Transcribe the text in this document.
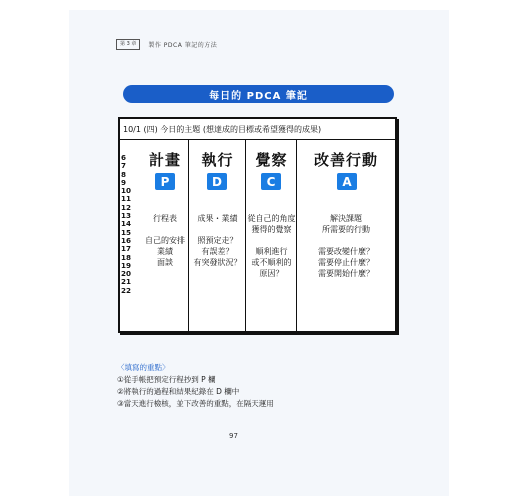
第 3 章	製作 PDCA 筆記的方法
每日的 PDCA 筆記
10/1 (四) 今日的主題 (想達成的目標或希望獲得的成果)
6
7
8
9
10
11
12
13
14
15
16
17
18
19
20
21
22
計畫
P
行程表

自己的安排
業績
面談
執行
D
成果・業績

照預定走？
有誤差？
有突發狀況？
覺察
C
從自己的角度
獲得的覺察

順利進行
或不順利的
原因？
改善行動
A
解決課題
所需要的行動

需要改變什麼？
需要停止什麼？
需要開始什麼？
〈填寫的重點〉
①從手帳把預定行程抄到 P 欄
②將執行的過程和結果紀錄在 D 欄中
③當天進行檢核，並下改善的重點，在隔天運用
97
